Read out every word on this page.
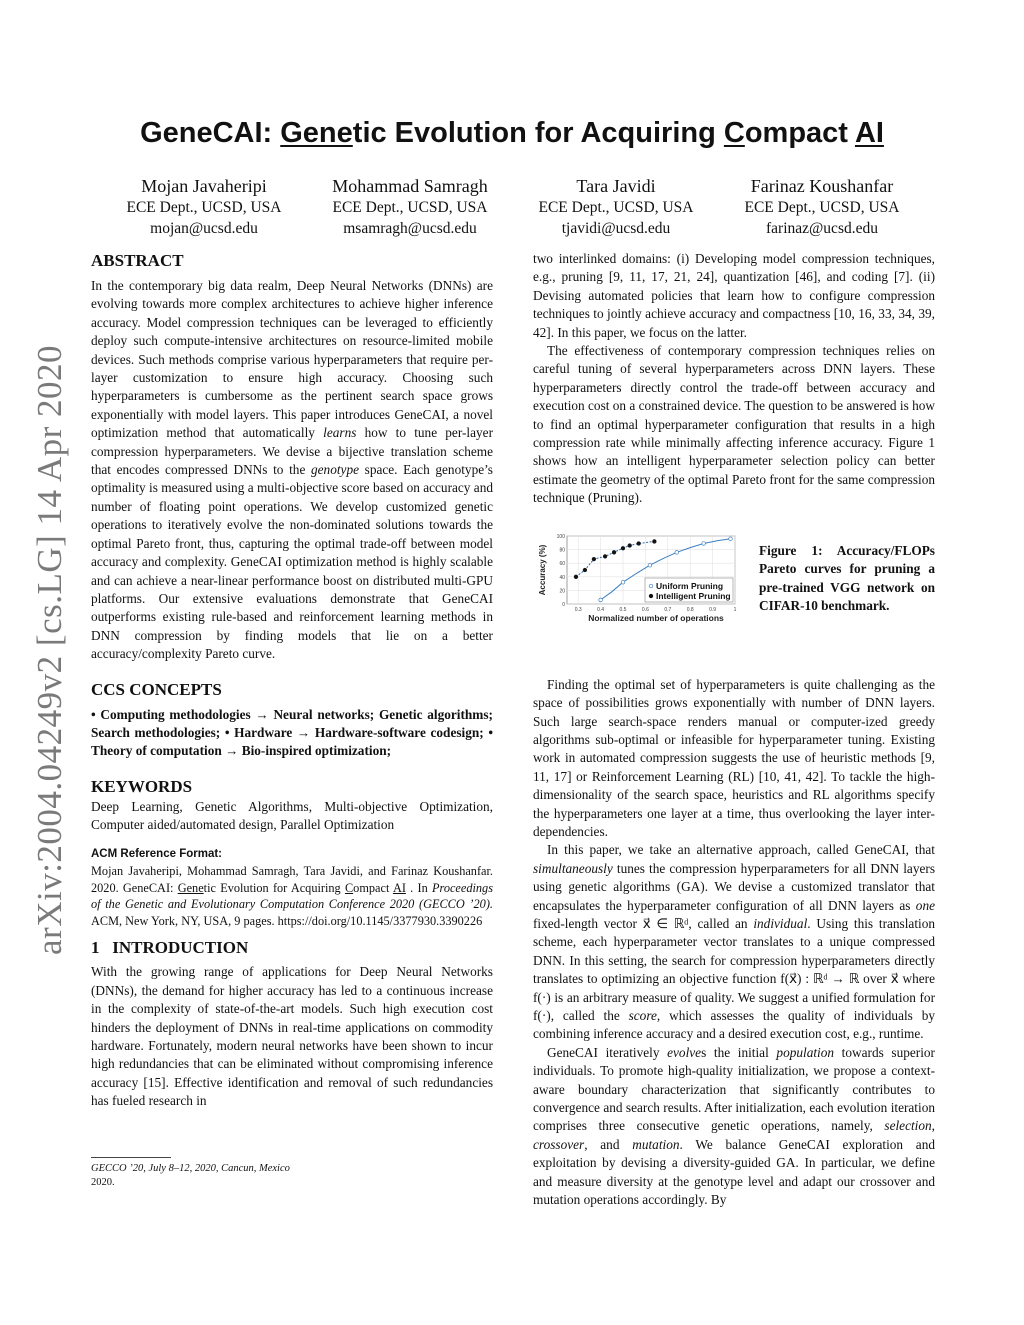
arXiv:2004.04249v2 [cs.LG] 14 Apr 2020
GeneCAI: Genetic Evolution for Acquiring Compact AI
Mojan Javaheripi
ECE Dept., UCSD, USA
mojan@ucsd.edu
Mohammad Samragh
ECE Dept., UCSD, USA
msamragh@ucsd.edu
Tara Javidi
ECE Dept., UCSD, USA
tjavidi@ucsd.edu
Farinaz Koushanfar
ECE Dept., UCSD, USA
farinaz@ucsd.edu
ABSTRACT

In the contemporary big data realm, Deep Neural Networks (DNNs) are evolving towards more complex architectures to achieve higher inference accuracy. Model compression techniques can be leveraged to efficiently deploy such compute-intensive architectures on resource-limited mobile devices. Such methods comprise various hyperparameters that require per-layer customization to ensure high accuracy. Choosing such hyperparameters is cumbersome as the pertinent search space grows exponentially with model layers. This paper introduces GeneCAI, a novel optimization method that automatically learns how to tune per-layer compression hyperparameters. We devise a bijective translation scheme that encodes compressed DNNs to the genotype space. Each genotype’s optimality is measured using a multi-objective score based on accuracy and number of floating point operations. We develop customized genetic operations to iteratively evolve the non-dominated solutions towards the optimal Pareto front, thus, capturing the optimal trade-off between model accuracy and complexity. GeneCAI optimization method is highly scalable and can achieve a near-linear performance boost on distributed multi-GPU platforms. Our extensive evaluations demonstrate that GeneCAI outperforms existing rule-based and reinforcement learning methods in DNN compression by finding models that lie on a better accuracy/complexity Pareto curve.

CCS CONCEPTS

• Computing methodologies → Neural networks; Genetic algorithms; Search methodologies; • Hardware → Hardware-software codesign; • Theory of computation → Bio-inspired optimization;

KEYWORDS

Deep Learning, Genetic Algorithms, Multi-objective Optimization, Computer aided/automated design, Parallel Optimization

ACM Reference Format:

Mojan Javaheripi, Mohammad Samragh, Tara Javidi, and Farinaz Koushanfar. 2020. GeneCAI: Genetic Evolution for Acquiring Compact AI . In Proceedings of the Genetic and Evolutionary Computation Conference 2020 (GECCO ’20). ACM, New York, NY, USA, 9 pages. https://doi.org/10.1145/3377930.3390226

1   INTRODUCTION

With the growing range of applications for Deep Neural Networks (DNNs), the demand for higher accuracy has led to a continuous increase in the complexity of state-of-the-art models. Such high execution cost hinders the deployment of DNNs in real-time applications on commodity hardware. Fortunately, modern neural networks have been shown to incur high redundancies that can be eliminated without compromising inference accuracy [15]. Effective identification and removal of such redundancies has fueled research in

GECCO ’20, July 8–12, 2020, Cancun, Mexico
2020.

two interlinked domains: (i) Developing model compression techniques, e.g., pruning [9, 11, 17, 21, 24], quantization [46], and coding [7]. (ii) Devising automated policies that learn how to configure compression techniques to jointly achieve accuracy and compactness [10, 16, 33, 34, 39, 42]. In this paper, we focus on the latter.

The effectiveness of contemporary compression techniques relies on careful tuning of several hyperparameters across DNN layers. These hyperparameters directly control the trade-off between accuracy and execution cost on a constrained device. The question to be answered is how to find an optimal hyperparameter configuration that results in a high compression rate while minimally affecting inference accuracy. Figure 1 shows how an intelligent hyperparameter selection policy can better estimate the geometry of the optimal Pareto front for the same compression technique (Pruning).

0
20
40
60
80
100
0.3	0.4	0.5	0.6	0.7	0.8	0.9	1
Normalized number of operations
Accuracy (%)	Uniform Pruning
Intelligent Pruning
Figure 1: Accuracy/FLOPs Pareto curves for pruning a pre-trained VGG network on CIFAR-10 benchmark.

Finding the optimal set of hyperparameters is quite challenging as the space of possibilities grows exponentially with number of DNN layers. Such large search-space renders manual or computer-ized greedy algorithms sub-optimal or infeasible for hyperparameter tuning. Existing work in automated compression suggests the use of heuristic methods [9, 11, 17] or Reinforcement Learning (RL) [10, 41, 42]. To tackle the high-dimensionality of the search space, heuristics and RL algorithms specify the hyperparameters one layer at a time, thus overlooking the layer inter-dependencies.

In this paper, we take an alternative approach, called GeneCAI, that simultaneously tunes the compression hyperparameters for all DNN layers using genetic algorithms (GA). We devise a customized translator that encapsulates the hyperparameter configuration of all DNN layers as one fixed-length vector x⃗ ∈ ℝᵈ, called an individual. Using this translation scheme, each hyperparameter vector translates to a unique compressed DNN. In this setting, the search for compression hyperparameters directly translates to optimizing an objective function f(x⃗) : ℝᵈ → ℝ over x⃗ where f(·) is an arbitrary measure of quality. We suggest a unified formulation for f(·), called the score, which assesses the quality of individuals by combining inference accuracy and a desired execution cost, e.g., runtime.

GeneCAI iteratively evolves the initial population towards superior individuals. To promote high-quality initialization, we propose a context-aware boundary characterization that significantly contributes to convergence and search results. After initialization, each evolution iteration comprises three consecutive genetic operations, namely, selection, crossover, and mutation. We balance GeneCAI exploration and exploitation by devising a diversity-guided GA. In particular, we define and measure diversity at the genotype level and adapt our crossover and mutation operations accordingly. By
